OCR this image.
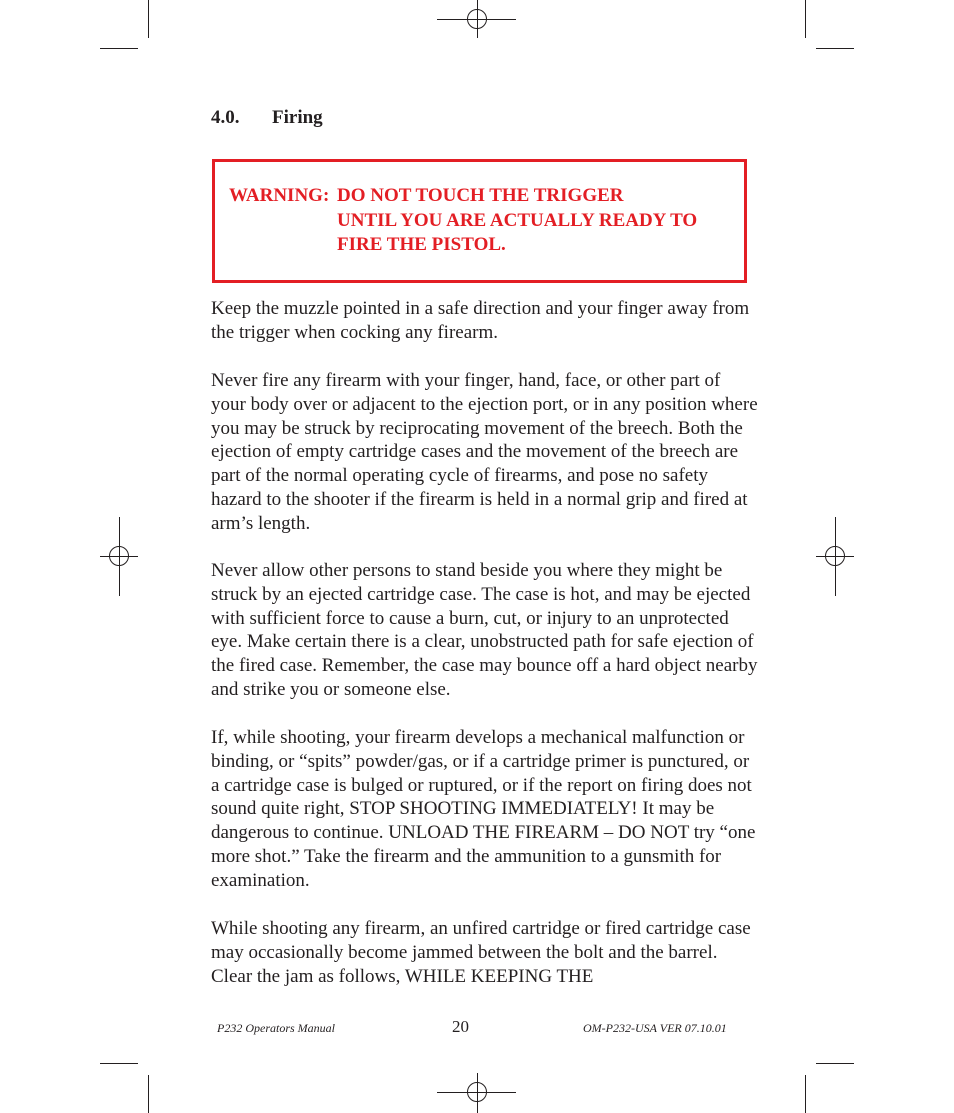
4.0. Firing
WARNING: DO NOT TOUCH THE TRIGGER
UNTIL YOU ARE ACTUALLY READY TO
FIRE THE PISTOL.

Keep the muzzle pointed in a safe direction and your finger away from the trigger when cocking any firearm.

Never fire any firearm with your finger, hand, face, or other part of your body over or adjacent to the ejection port, or in any position where you may be struck by reciprocating movement of the breech. Both the ejection of empty cartridge cases and the movement of the breech are part of the normal operating cycle of firearms, and pose no safety hazard to the shooter if the firearm is held in a normal grip and fired at arm’s length.

Never allow other persons to stand beside you where they might be struck by an ejected cartridge case. The case is hot, and may be ejected with sufficient force to cause a burn, cut, or injury to an unprotected eye. Make certain there is a clear, unobstructed path for safe ejection of the fired case. Remember, the case may bounce off a hard object nearby and strike you or someone else.

If, while shooting, your firearm develops a mechanical malfunction or binding, or “spits” powder/gas, or if a cartridge primer is punctured, or a cartridge case is bulged or ruptured, or if the report on firing does not sound quite right, STOP SHOOTING IMMEDIATELY! It may be dangerous to continue. UNLOAD THE FIREARM – DO NOT try “one more shot.” Take the firearm and the ammunition to a gunsmith for examination.

While shooting any firearm, an unfired cartridge or fired cartridge case may occasionally become jammed between the bolt and the barrel. Clear the jam as follows, WHILE KEEPING THE

P232 Operators Manual	20	OM-P232-USA VER 07.10.01
